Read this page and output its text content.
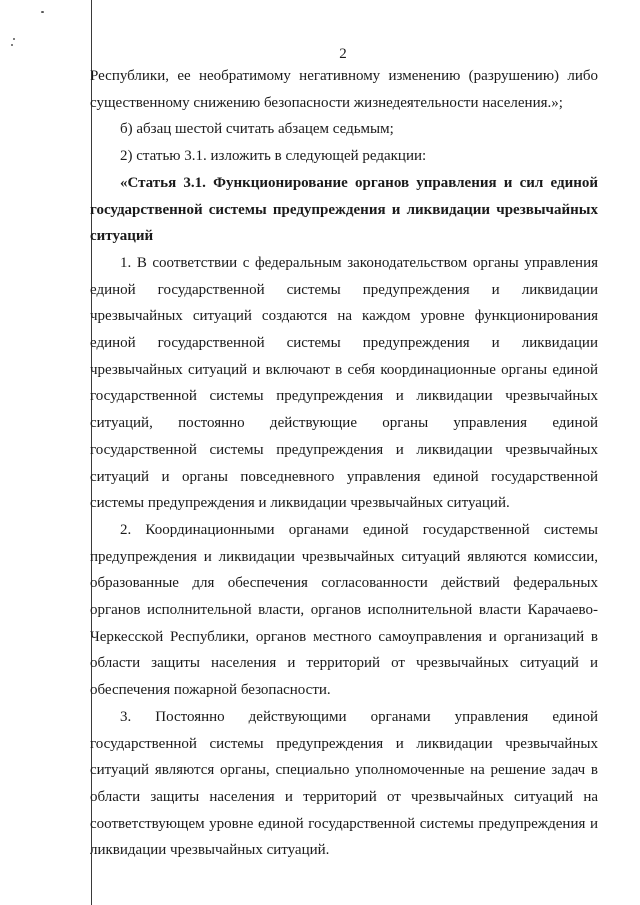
2

Республики, ее необратимому негативному изменению (разрушению) либо существенному снижению безопасности жизнедеятельности населения.»;

б) абзац шестой считать абзацем седьмым;

2) статью 3.1. изложить в следующей редакции:

«Статья 3.1. Функционирование органов управления и сил единой государственной системы предупреждения и ликвидации чрезвычайных ситуаций

1. В соответствии с федеральным законодательством органы управления единой государственной системы предупреждения и ликвидации чрезвычайных ситуаций создаются на каждом уровне функционирования единой государственной системы предупреждения и ликвидации чрезвычайных ситуаций и включают в себя координационные органы единой государственной системы предупреждения и ликвидации чрезвычайных ситуаций, постоянно действующие органы управления единой государственной системы предупреждения и ликвидации чрезвычайных ситуаций и органы повседневного управления единой государственной системы предупреждения и ликвидации чрезвычайных ситуаций.

2. Координационными органами единой государственной системы предупреждения и ликвидации чрезвычайных ситуаций являются комиссии, образованные для обеспечения согласованности действий федеральных органов исполнительной власти, органов исполнительной власти Карачаево-Черкесской Республики, органов местного самоуправления и организаций в области защиты населения и территорий от чрезвычайных ситуаций и обеспечения пожарной безопасности.

3. Постоянно действующими органами управления единой государственной системы предупреждения и ликвидации чрезвычайных ситуаций являются органы, специально уполномоченные на решение задач в области защиты населения и территорий от чрезвычайных ситуаций на соответствующем уровне единой государственной системы предупреждения и ликвидации чрезвычайных ситуаций.
